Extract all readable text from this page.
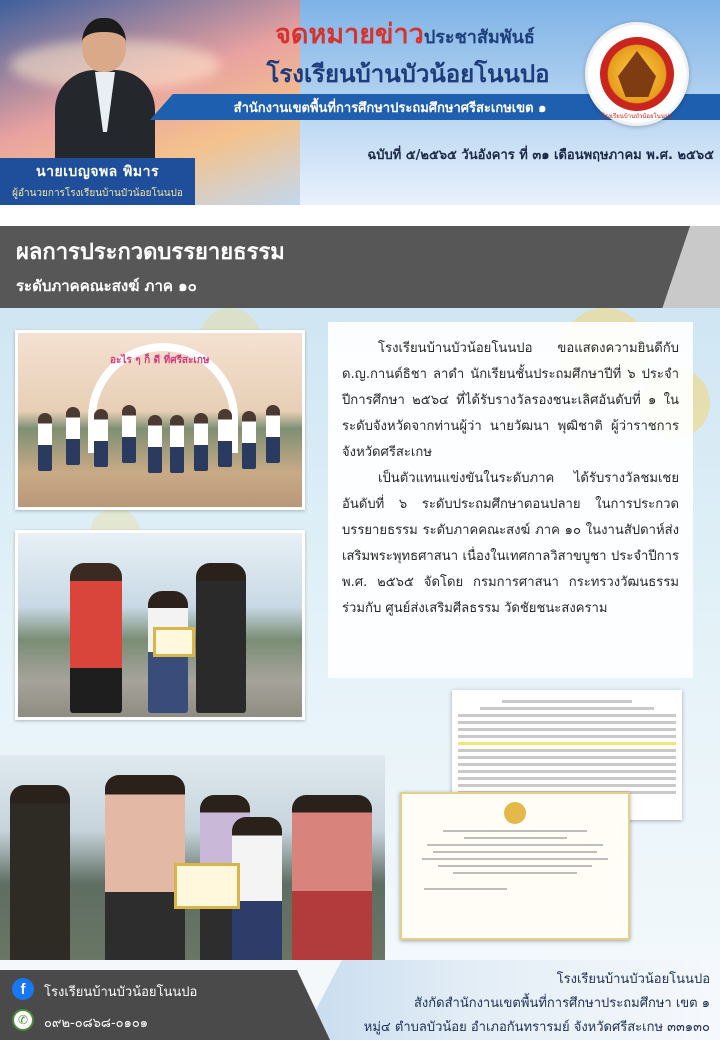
จดหมายข่าวประชาสัมพันธ์
โรงเรียนบ้านบัวน้อยโนนปอ
สำนักงานเขตพื้นที่การศึกษาประถมศึกษาศรีสะเกษเขต ๑
ฉบับที่ ๕/๒๕๖๕ วันอังคาร ที่ ๓๑ เดือนพฤษภาคม พ.ศ. ๒๕๖๕
โรงเรียนบ้านบัวน้อยโนนปอ
นายเบญจพล พิมาร
ผู้อำนวยการโรงเรียนบ้านบัวน้อยโนนปอ
ผลการประกวดบรรยายธรรม
ระดับภาคคณะสงฆ์ ภาค ๑๐
อะไร ๆ ก็ ดี ที่ศรีสะเกษ

โรงเรียนบ้านบัวน้อยโนนปอ ขอแสดงความยินดีกับ ด.ญ.กานต์ธิชา ลาดำ นักเรียนชั้นประถมศึกษาปีที่ ๖ ประจำปีการศึกษา ๒๕๖๔ ที่ได้รับรางวัลรองชนะเลิศอันดับที่ ๑ ในระดับจังหวัดจากท่านผู้ว่า นายวัฒนา พุฒิชาติ ผู้ว่าราชการจังหวัดศรีสะเกษ

เป็นตัวแทนแข่งขันในระดับภาค ได้รับรางวัลชมเชยอันดับที่ ๖ ระดับประถมศึกษาตอนปลาย ในการประกวดบรรยายธรรม ระดับภาคคณะสงฆ์ ภาค ๑๐ ในงานสัปดาห์ส่งเสริมพระพุทธศาสนา เนื่องในเทศกาลวิสาขบูชา ประจำปีการ พ.ศ. ๒๕๖๕ จัดโดย กรมการศาสนา กระทรวงวัฒนธรรม ร่วมกับ ศูนย์ส่งเสริมศีลธรรม วัดชัยชนะสงคราม

f	โรงเรียนบ้านบัวน้อยโนนปอ
✆	๐๙๒-๐๘๖๘-๐๑๐๑
โรงเรียนบ้านบัวน้อยโนนปอ
สังกัดสำนักงานเขตพื้นที่การศึกษาประถมศึกษา เขต ๑
หมู่๔ ตำบลบัวน้อย อำเภอกันทรารมย์ จังหวัดศรีสะเกษ ๓๓๑๓๐
